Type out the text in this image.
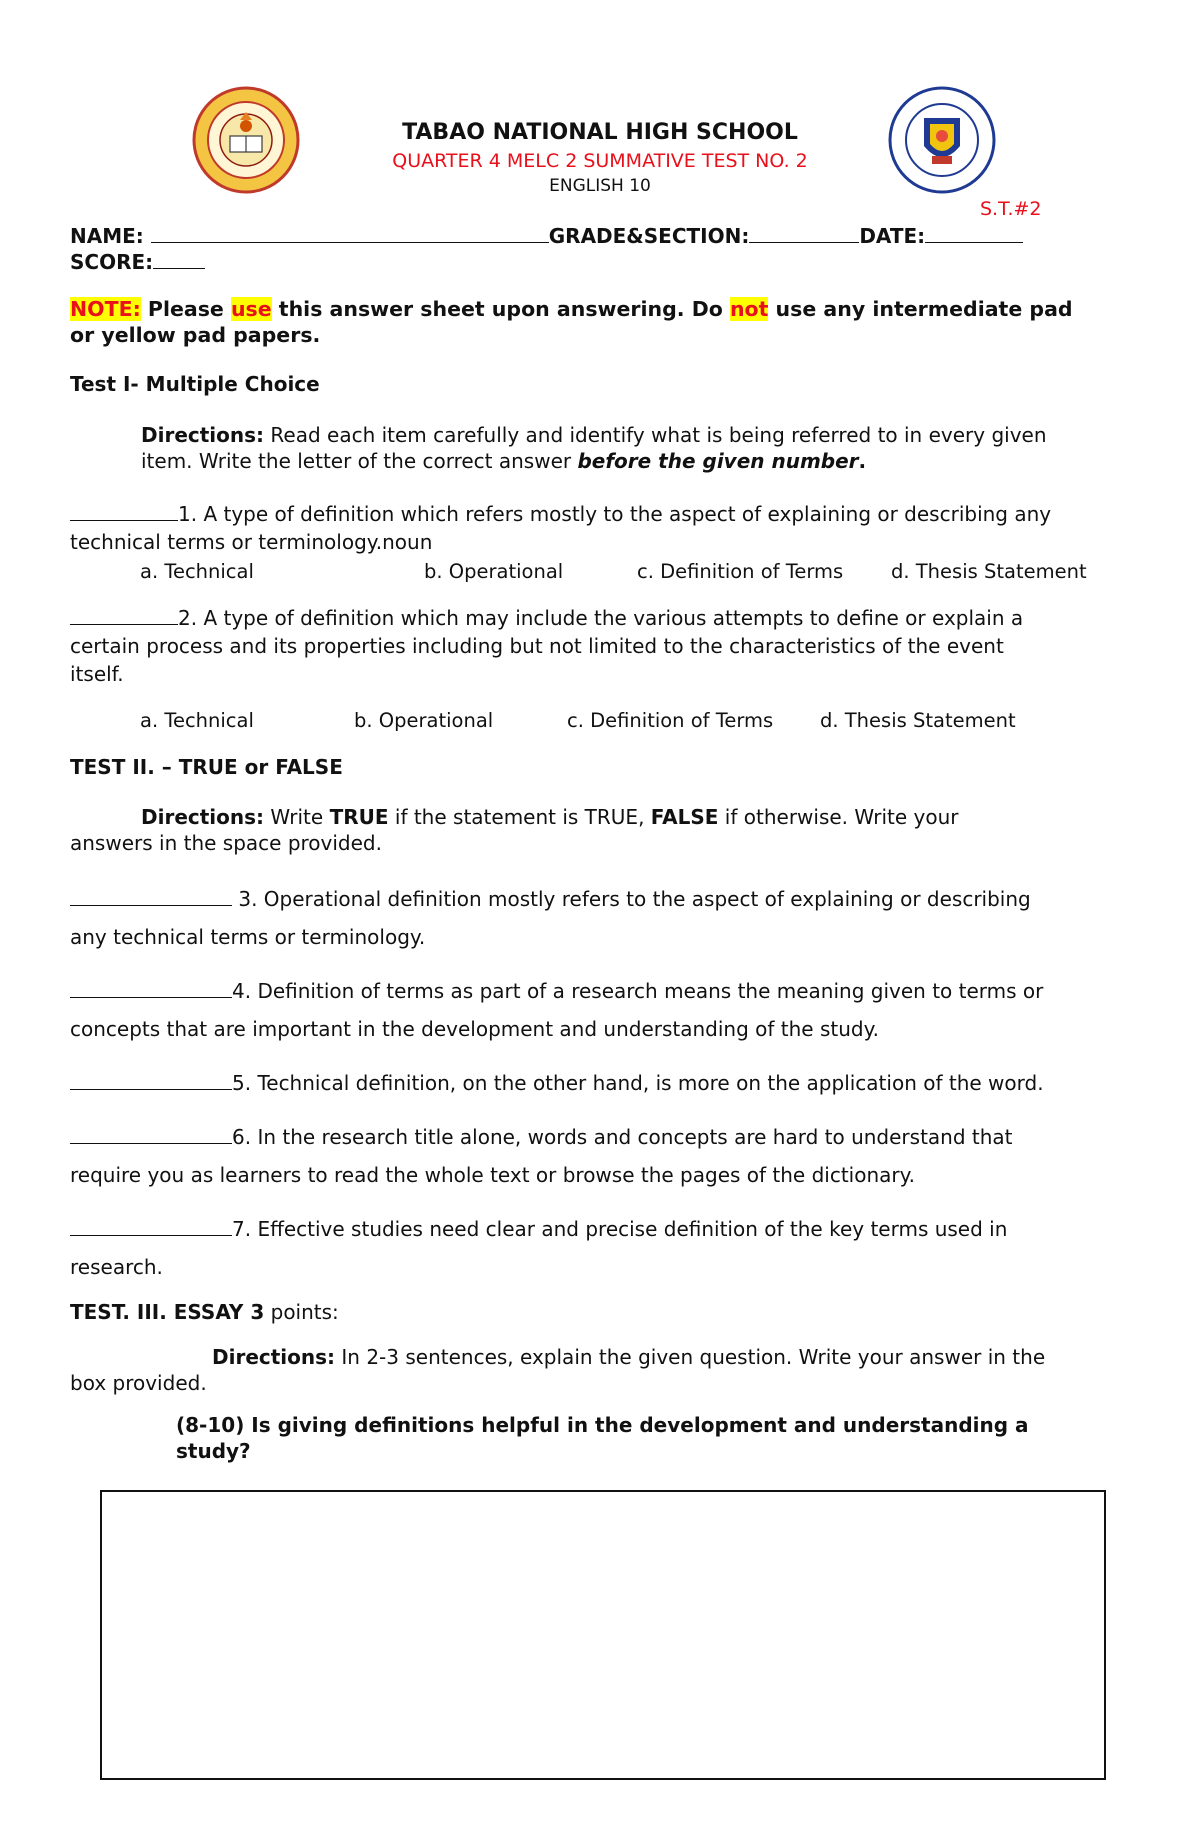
TABAO NATIONAL HIGH SCHOOL
QUARTER 4 MELC 2 SUMMATIVE TEST NO. 2
ENGLISH 10
S.T.#2
NAME:	GRADE&SECTION:	DATE:
SCORE:
NOTE: Please use this answer sheet upon answering. Do not use any intermediate pad
or yellow pad papers.
Test I- Multiple Choice
Directions: Read each item carefully and identify what is being referred to in every given
item. Write the letter of the correct answer before the given number.
1. A type of definition which refers mostly to the aspect of explaining or describing any
technical terms or terminology.noun
a. Technical	b. Operational	c. Definition of Terms d. Thesis Statement
2. A type of definition which may include the various attempts to define or explain a
certain process and its properties including but not limited to the characteristics of the event
itself.
a. Technical	b. Operational	c. Definition of Terms d. Thesis Statement
TEST II. – TRUE or FALSE
Directions: Write TRUE if the statement is TRUE, FALSE if otherwise. Write your
answers in the space provided.
3. Operational definition mostly refers to the aspect of explaining or describing
any technical terms or terminology.
4. Definition of terms as part of a research means the meaning given to terms or
concepts that are important in the development and understanding of the study.
5. Technical definition, on the other hand, is more on the application of the word.
6. In the research title alone, words and concepts are hard to understand that
require you as learners to read the whole text or browse the pages of the dictionary.
7. Effective studies need clear and precise definition of the key terms used in
research.
TEST. III. ESSAY 3 points:
Directions: In 2-3 sentences, explain the given question. Write your answer in the
box provided.
(8-10) Is giving definitions helpful in the development and understanding a
study?
